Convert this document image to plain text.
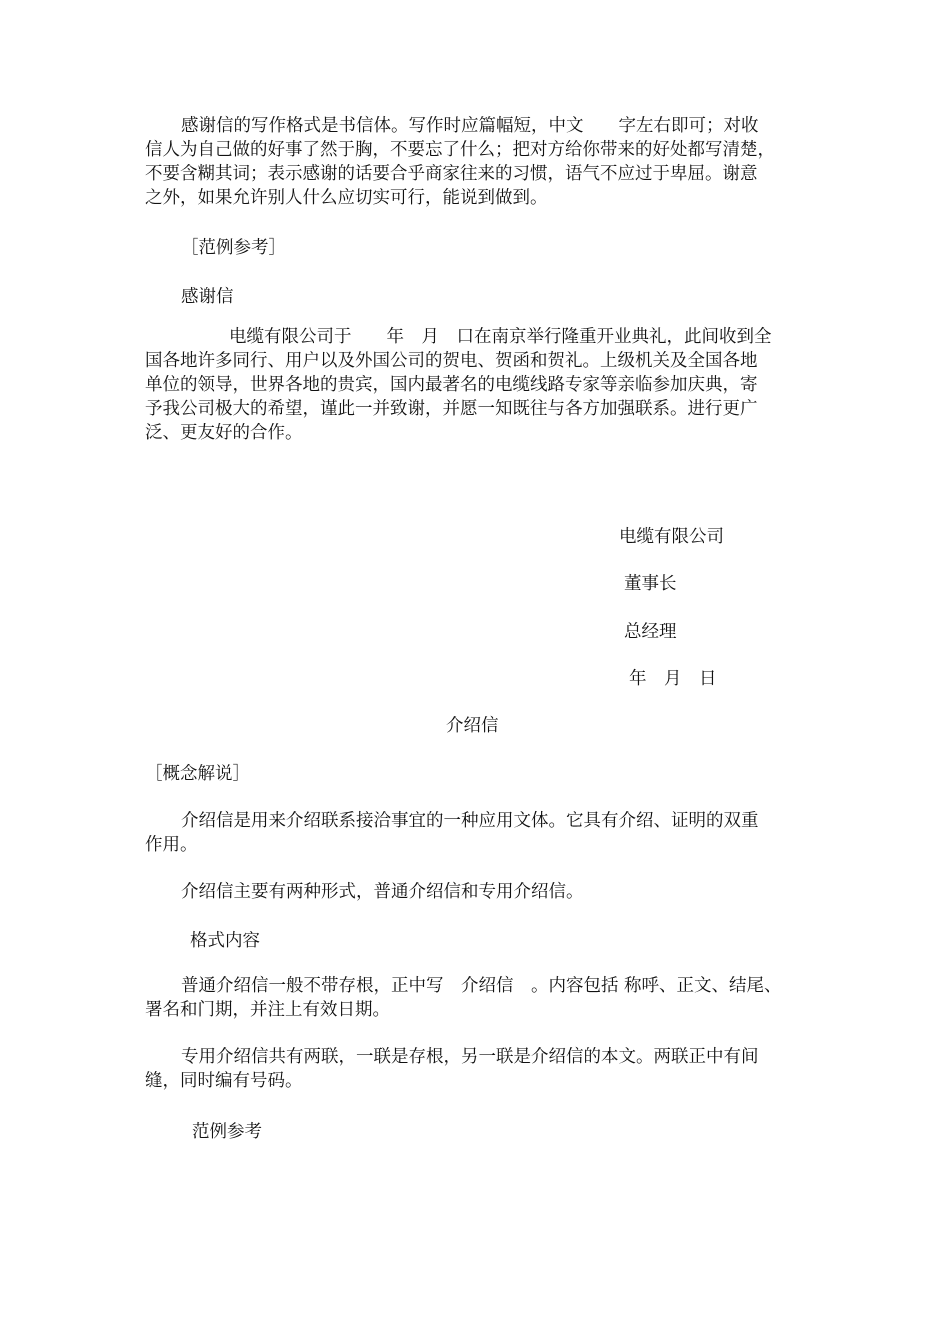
感谢信的写作格式是书信体。写作时应篇幅短，中文　　字左右即可；对收
信人为自己做的好事了然于胸，不要忘了什么；把对方给你带来的好处都写清楚，
不要含糊其词；表示感谢的话要合乎商家往来的习惯，语气不应过于卑屈。谢意
之外，如果允许别人什么应切实可行，能说到做到。
［范例参考］
感谢信
电缆有限公司于　　年　月　口在南京举行隆重开业典礼，此间收到全
国各地许多同行、用户以及外国公司的贺电、贺函和贺礼。上级机关及全国各地
单位的领导，世界各地的贵宾，国内最著名的电缆线路专家等亲临参加庆典，寄
予我公司极大的希望，谨此一并致谢，并愿一知既往与各方加强联系。进行更广
泛、更友好的合作。
电缆有限公司
董事长
总经理
年　月　日
介绍信
［概念解说］
介绍信是用来介绍联系接洽事宜的一种应用文体。它具有介绍、证明的双重
作用。
介绍信主要有两种形式，普通介绍信和专用介绍信。
格式内容
普通介绍信一般不带存根，正中写　介绍信　。内容包括 称呼、正文、结尾、
署名和门期，并注上有效日期。
专用介绍信共有两联，一联是存根，另一联是介绍信的本文。两联正中有间
缝，同时编有号码。
范例参考
